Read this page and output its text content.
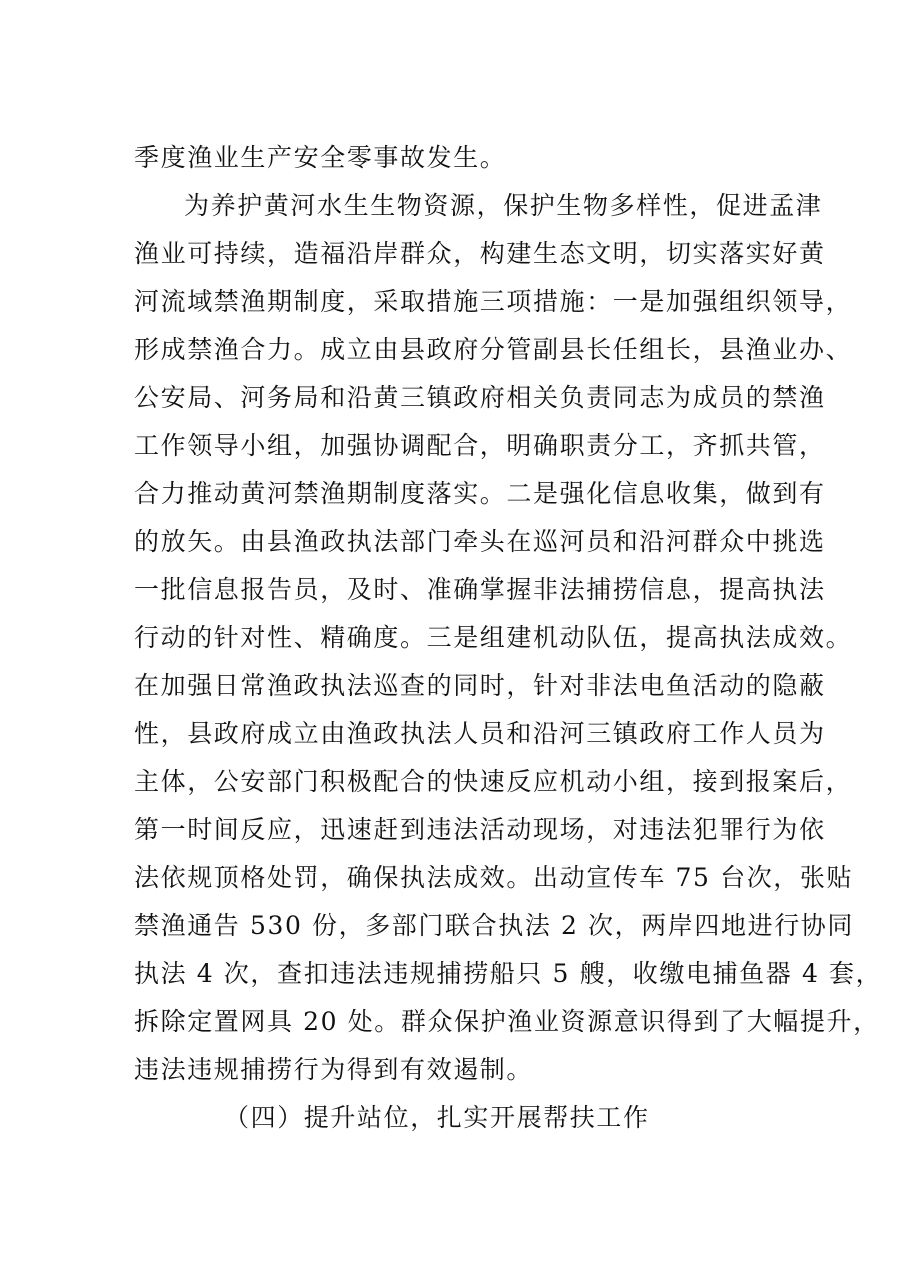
季度渔业生产安全零事故发生。
为养护黄河水生生物资源，保护生物多样性，促进孟津
渔业可持续，造福沿岸群众，构建生态文明，切实落实好黄
河流域禁渔期制度，采取措施三项措施：一是加强组织领导，
形成禁渔合力。成立由县政府分管副县长任组长，县渔业办、
公安局、河务局和沿黄三镇政府相关负责同志为成员的禁渔
工作领导小组，加强协调配合，明确职责分工，齐抓共管，
合力推动黄河禁渔期制度落实。二是强化信息收集，做到有
的放矢。由县渔政执法部门牵头在巡河员和沿河群众中挑选
一批信息报告员，及时、准确掌握非法捕捞信息，提高执法
行动的针对性、精确度。三是组建机动队伍，提高执法成效。
在加强日常渔政执法巡查的同时，针对非法电鱼活动的隐蔽
性，县政府成立由渔政执法人员和沿河三镇政府工作人员为
主体，公安部门积极配合的快速反应机动小组，接到报案后，
第一时间反应，迅速赶到违法活动现场，对违法犯罪行为依
法依规顶格处罚，确保执法成效。出动宣传车 75 台次，张贴
禁渔通告 530 份，多部门联合执法 2 次，两岸四地进行协同
执法 4 次，查扣违法违规捕捞船只 5 艘，收缴电捕鱼器 4 套，
拆除定置网具 20 处。群众保护渔业资源意识得到了大幅提升，
违法违规捕捞行为得到有效遏制。
（四）提升站位，扎实开展帮扶工作
